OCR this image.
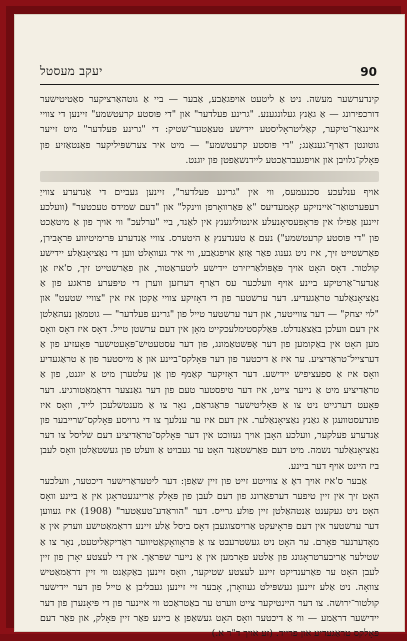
יעקב מעסטל	90

קינדערשער מעשה. ניט אַ ליטעט אויפגאַבע, אַבער — ביי אַ גוטהאַרציקער סאַטיטישער דורכפירונג — אַ גאַנץ געלונגענע. "גרינע פעלדער" און "די פּוסטע קרעטשמע" זיינען די צוויי אייננאַר־טיקער, קאַליטראָליסטע יידישע טעאַטער־שטיק: די "גרינע פעלדער" מיט זייער גוטונטן דאַרף־גענאַנג; "די פּוסטע קרעטשמע" — מיט איר צערשפּיליקער פאַנטאַזיע פון פּאָלק־גלויבן און אויפגעבראַכטע ליידנשאַפטן פון יוגנט.

אויף ענלעכע סכנעמעס, ווי אין "גרינע פעלדער", זיינען געביים די אַנדערע צווייַ רעפּערטואַר־איינזיקע קאָמעדיעס "אַ פּאַרוואָרפן ווינקל" און "דעם שמידס טעכטער" (וועלכע זיינען אַפילו אין פּראָפעסיאָנעלע אינטוליגענץ אין לאַנד, ביי "ערלעכ" ווי אויך פון אַ מיטאַכט פון "די פּוסטע קרעטשמע") נעם אַ טענדענץ אַ היטערס. צוויי אַנדערע פּרימיטיווע פּראָבירן, פאַרשטייט זיך, איז ניט גענוג פאַר אַזאַ אויפגאַבע, ווי איר געוואָלט ווען די נאַציאָנאַלע יידישע קולטור. דאָס האָט אויך פּאָפּולאַריזירט יידישע ליטעראַטור, און פאַרשטייט זיך, ס'איז אַן אַנדער־אַרטיקע ביינע אויף וועלכער עס דאַרף דערזען ווערן די טיפּערע פראגע פון אַ נאַציאָנאַלער טראַגעדיע. דער ערשטער פון די דאָזיקע צוויי אַקטן איז אין "צוויי שטעט" און "לוי יצחק" — דער צווייטער, און דער ערשטער טייל פון "גרינע פעלדער" — גוטמאַן נעהאַלטן אין דעם וועלכן באַצאַנדלט. פּאַלקסטימלעכקייט מאָן אין דעם ערשטן טייל. דאָס איז דאָס וואָס מען האָט אין באַקומען פון דער אָפּשטאַמונג, פון דער עסטעטיש־פּאָעטישער פּאָעזיע פון אַ דערצייל־טראַדיציע. ער איז אַ דיכטער פון דער פּאָלקס־ביינע און אַ מייסטער פון אַ טראַגעדיע וואָס איז אַ ספעציפיש יידישע. דער דאָזיקער קאַמף פון אַן עלטערן מיט אַ יוגנט, פון אַ טראַדיציע מיט אַ נייער צייט, איז דער טיפסטער טעם פון דער גאַנצער דראַמאַטורגיע. דער פּאָעט דערגייט ניט צו אַ פּאָליטישער פּראַגראַם, נאָר צו אַ מענטשלעכן לייד, וואָס איז פונדעסטוועגן אַ גאַנץ נאַציאָנאַלער. אין דעם איז ער ענלעך צו די גרויסע פּאָלקס־שרייבער פון אַנדערע פעלקער, וועלכע האָבן אויך געזוכט אין דער פּאָלקס־טראַדיציע דעם שליסל צו דער נאַציאָנאַלער נשמה. מיט דעם פאַרשטאַנד האָט ער געבויט אַ וועלט פון געשטאַלטן וואָס לעבן ביז היינט אויף דער ביינע.

אַבער ס'איז אויך דאָ אַ צווייטע זייט פון זיין שאַפן: דער ליטעראַרישער דיכטער, וועלכער האָט זיך אין זיין טיפער דערפאַרונג פון דעם לעבן פון פּאָלק אַריינגעטראָגן אין אַ ביינע וואָס האָט ניט געקענט אַנטהאַלטן זיין פולע גרייס. דער "הוראַדע־טעאַטער" (1908) איז געווען דער ערשטער אין דעם פּראָיעקט אַרויסצוגעבן דאָס ביסל אַלע זיינע דראַמאַטישע ווערק אין אַ מאָדערנער פאָרם. ער האָט ניט געשטרעבט צו אַ פּראָוואָקאַטיווער ראַדיקאַליטעט, נאָר צו אַ שטילער אַריבערטראָגונג פון אַלטע פאָרמען אין אַ נייער שפּראַך. אין די לעצטע יאָרן פון זיין לעבן האָט ער פאַרענדיקט זיינע לעצטע שטיקער, וואָס זיינען באַקאַנט ווי זיין דראַמאַטיש צוואָה. ניט אַלע זיינען געשפּילט געוואָרן, אָבער זיי זיינען געבליבן אַ טייל פון דער יידישער קולטור־ירושה. צו דער היינטיקער צייט ווערט ער באַטראַכט ווי איינער פון די פּיאָנערן פון דער יידישער דראַמע — ווי אַ דיכטער וואָס האָט געשאַפן אַ ביינע פאַר זיין פּאָלק, און פאַר דעם פּאָלקס טראַגעדיע און פרייד. (זע אויך ד"ר א.)
